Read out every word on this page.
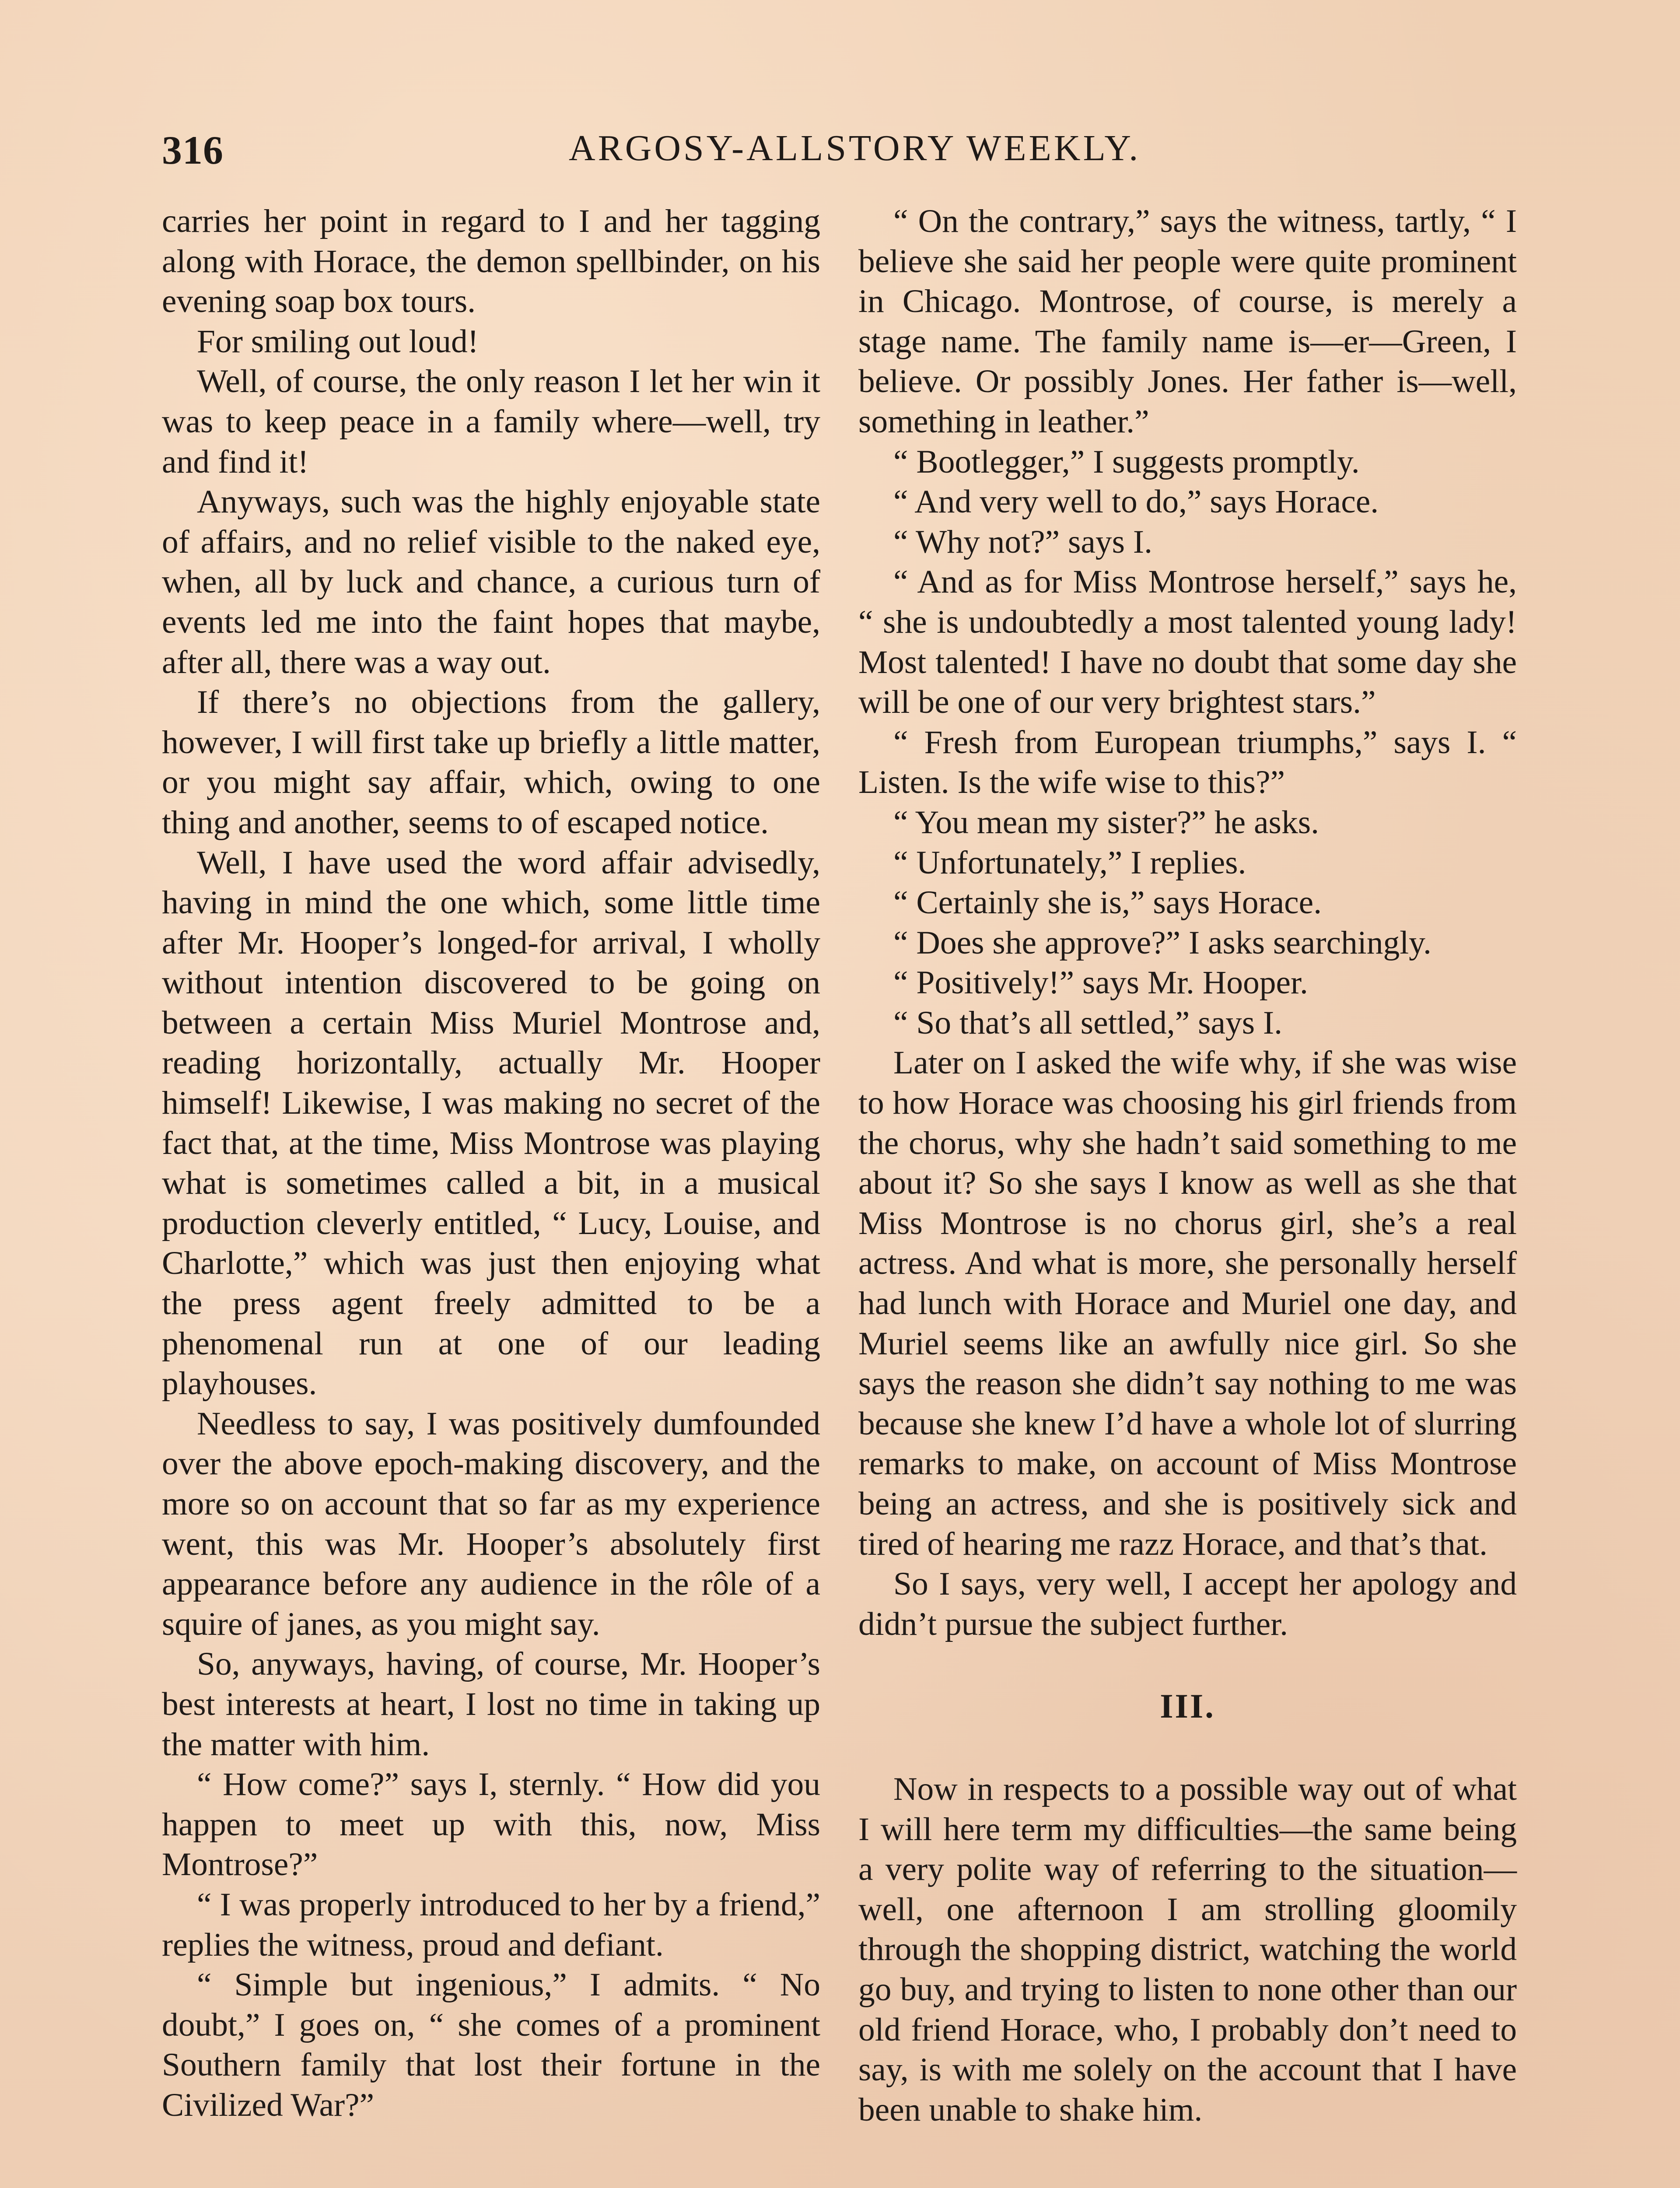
316	ARGOSY-ALLSTORY WEEKLY.

carries her point in regard to I and her tagging along with Horace, the demon spellbinder, on his evening soap box tours.

For smiling out loud!

Well, of course, the only reason I let her win it was to keep peace in a family where—well, try and find it!

Anyways, such was the highly enjoyable state of affairs, and no relief visible to the naked eye, when, all by luck and chance, a curious turn of events led me into the faint hopes that maybe, after all, there was a way out.

If there’s no objections from the gallery, however, I will first take up briefly a little matter, or you might say affair, which, owing to one thing and another, seems to of escaped notice.

Well, I have used the word affair advisedly, having in mind the one which, some little time after Mr. Hooper’s longed-for arrival, I wholly without intention discovered to be going on between a certain Miss Muriel Montrose and, reading horizontally, actually Mr. Hooper himself! Likewise, I was making no secret of the fact that, at the time, Miss Montrose was playing what is sometimes called a bit, in a musical production cleverly entitled, “ Lucy, Louise, and Charlotte,” which was just then enjoying what the press agent freely admitted to be a phenomenal run at one of our leading playhouses.

Needless to say, I was positively dumfounded over the above epoch-making discovery, and the more so on account that so far as my experience went, this was Mr. Hooper’s absolutely first appearance before any audience in the rôle of a squire of janes, as you might say.

So, anyways, having, of course, Mr. Hooper’s best interests at heart, I lost no time in taking up the matter with him.

“ How come?” says I, sternly. “ How did you happen to meet up with this, now, Miss Montrose?”

“ I was properly introduced to her by a friend,” replies the witness, proud and defiant.

“ Simple but ingenious,” I admits. “ No doubt,” I goes on, “ she comes of a prominent Southern family that lost their fortune in the Civilized War?”

“ On the contrary,” says the witness, tartly, “ I believe she said her people were quite prominent in Chicago. Montrose, of course, is merely a stage name. The family name is—er—Green, I believe. Or possibly Jones. Her father is—well, something in leather.”

“ Bootlegger,” I suggests promptly.

“ And very well to do,” says Horace.

“ Why not?” says I.

“ And as for Miss Montrose herself,” says he, “ she is undoubtedly a most talented young lady! Most talented! I have no doubt that some day she will be one of our very brightest stars.”

“ Fresh from European triumphs,” says I. “ Listen. Is the wife wise to this?”

“ You mean my sister?” he asks.

“ Unfortunately,” I replies.

“ Certainly she is,” says Horace.

“ Does she approve?” I asks searchingly.

“ Positively!” says Mr. Hooper.

“ So that’s all settled,” says I.

Later on I asked the wife why, if she was wise to how Horace was choosing his girl friends from the chorus, why she hadn’t said something to me about it? So she says I know as well as she that Miss Montrose is no chorus girl, she’s a real actress. And what is more, she personally herself had lunch with Horace and Muriel one day, and Muriel seems like an awfully nice girl. So she says the reason she didn’t say nothing to me was because she knew I’d have a whole lot of slurring remarks to make, on account of Miss Montrose being an actress, and she is positively sick and tired of hearing me razz Horace, and that’s that.

So I says, very well, I accept her apology and didn’t pursue the subject further.

III.

Now in respects to a possible way out of what I will here term my difficulties—the same being a very polite way of referring to the situation—well, one afternoon I am strolling gloomily through the shopping district, watching the world go buy, and trying to listen to none other than our old friend Horace, who, I probably don’t need to say, is with me solely on the account that I have been unable to shake him.
